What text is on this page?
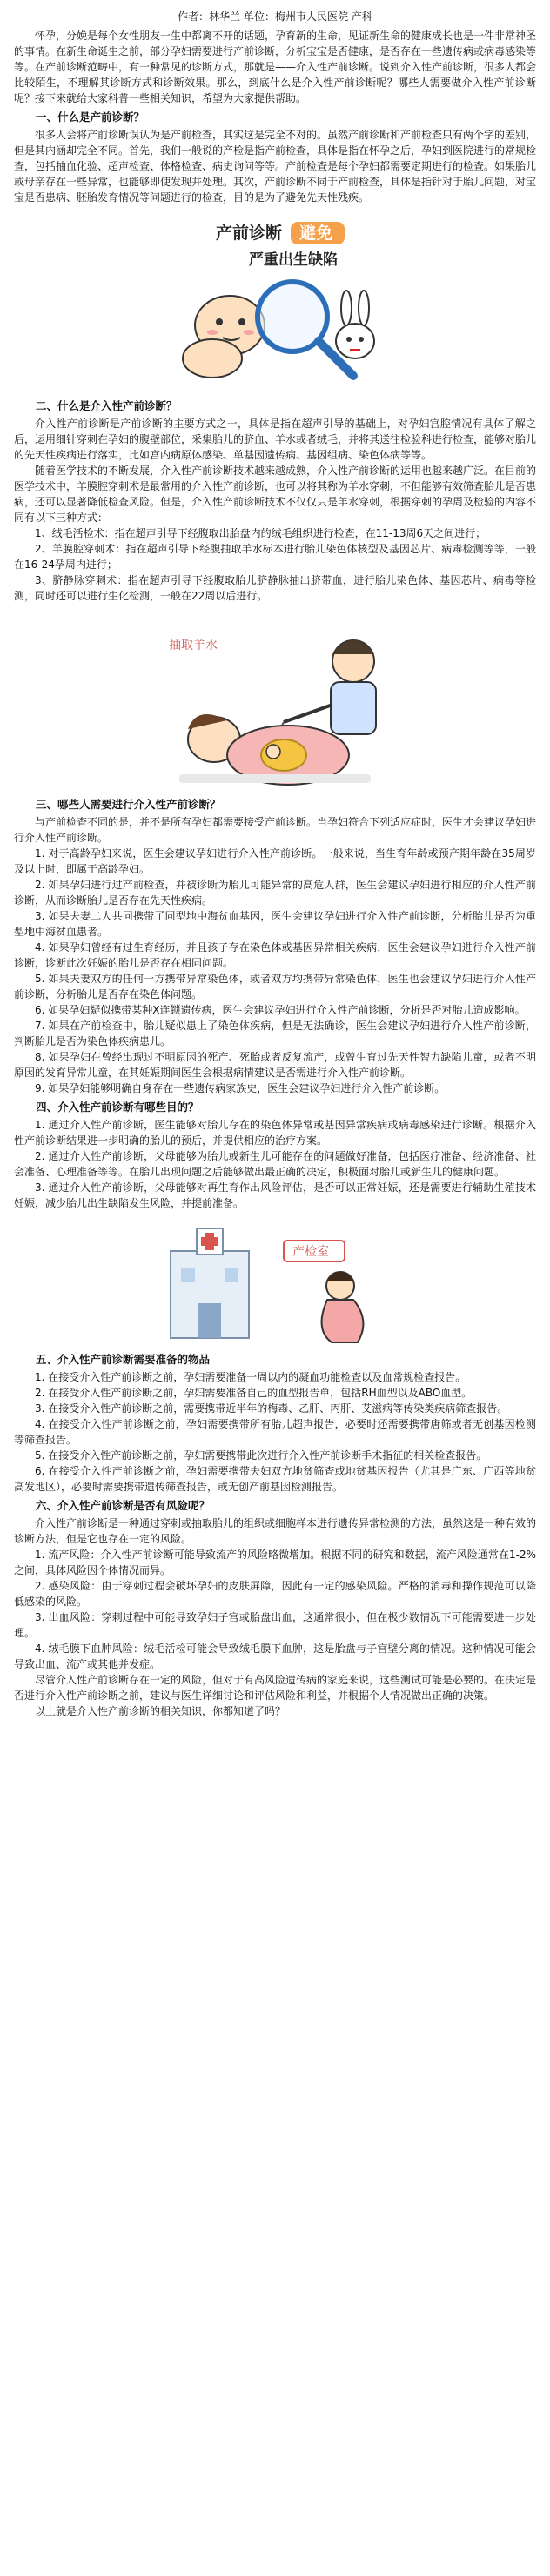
作者：林华兰 单位：梅州市人民医院 产科

怀孕，分娩是每个女性朋友一生中都离不开的话题，孕育新的生命，见证新生命的健康成长也是一件非常神圣的事情。在新生命诞生之前，部分孕妇需要进行产前诊断，分析宝宝是否健康，是否存在一些遗传病或病毒感染等等。在产前诊断范畴中，有一种常见的诊断方式，那就是——介入性产前诊断。说到介入性产前诊断，很多人都会比较陌生，不理解其诊断方式和诊断效果。那么，到底什么是介入性产前诊断呢？哪些人需要做介入性产前诊断呢？接下来就给大家科普一些相关知识，希望为大家提供帮助。

一、什么是产前诊断？

很多人会将产前诊断误认为是产前检查，其实这是完全不对的。虽然产前诊断和产前检查只有两个字的差别，但是其内涵却完全不同。首先，我们一般说的产检是指产前检查，具体是指在怀孕之后，孕妇到医院进行的常规检查，包括抽血化验、超声检查、体格检查、病史询问等等。产前检查是每个孕妇都需要定期进行的检查。如果胎儿或母亲存在一些异常，也能够即使发现并处理。其次，产前诊断不同于产前检查，具体是指针对于胎儿问题，对宝宝是否患病、胚胎发育情况等问题进行的检查，目的是为了避免先天性残疾。

产前诊断 避免
严重出生缺陷
二、什么是介入性产前诊断？

介入性产前诊断是产前诊断的主要方式之一，具体是指在超声引导的基础上，对孕妇宫腔情况有具体了解之后，运用细针穿刺在孕妇的腹壁部位，采集胎儿的脐血、羊水或者绒毛，并将其送往检验科进行检查，能够对胎儿的先天性疾病进行落实，比如宫内病原体感染、单基因遗传病、基因组病、染色体病等等。

随着医学技术的不断发展，介入性产前诊断技术越来越成熟，介入性产前诊断的运用也越来越广泛。在目前的医学技术中，羊膜腔穿刺术是最常用的介入性产前诊断，也可以将其称为羊水穿刺，不但能够有效筛查胎儿是否患病，还可以显著降低检查风险。但是，介入性产前诊断技术不仅仅只是羊水穿刺，根据穿刺的孕周及检验的内容不同有以下三种方式：

1、绒毛活检术：指在超声引导下经腹取出胎盘内的绒毛组织进行检查，在11-13周6天之间进行；

2、羊膜腔穿刺术：指在超声引导下经腹抽取羊水标本进行胎儿染色体核型及基因芯片、病毒检测等等，一般在16-24孕周内进行；

3、脐静脉穿刺术：指在超声引导下经腹取胎儿脐静脉抽出脐带血，进行胎儿染色体、基因芯片、病毒等检测，同时还可以进行生化检测，一般在22周以后进行。

抽取羊水
三、哪些人需要进行介入性产前诊断？

与产前检查不同的是，并不是所有孕妇都需要接受产前诊断。当孕妇符合下列适应症时，医生才会建议孕妇进行介入性产前诊断。

1. 对于高龄孕妇来说，医生会建议孕妇进行介入性产前诊断。一般来说，当生育年龄或预产期年龄在35周岁及以上时，即属于高龄孕妇。

2. 如果孕妇进行过产前检查，并被诊断为胎儿可能异常的高危人群，医生会建议孕妇进行相应的介入性产前诊断，从而诊断胎儿是否存在先天性疾病。

3. 如果夫妻二人共同携带了同型地中海贫血基因，医生会建议孕妇进行介入性产前诊断，分析胎儿是否为重型地中海贫血患者。

4. 如果孕妇曾经有过生育经历，并且孩子存在染色体或基因异常相关疾病，医生会建议孕妇进行介入性产前诊断，诊断此次妊娠的胎儿是否存在相同问题。

5. 如果夫妻双方的任何一方携带异常染色体，或者双方均携带异常染色体，医生也会建议孕妇进行介入性产前诊断，分析胎儿是否存在染色体问题。

6. 如果孕妇疑似携带某种X连锁遗传病，医生会建议孕妇进行介入性产前诊断，分析是否对胎儿造成影响。

7. 如果在产前检查中，胎儿疑似患上了染色体疾病，但是无法确诊，医生会建议孕妇进行介入性产前诊断，判断胎儿是否为染色体疾病患儿。

8. 如果孕妇在曾经出现过不明原因的死产、死胎或者反复流产，或曾生育过先天性智力缺陷儿童，或者不明原因的发育异常儿童，在其妊娠期间医生会根据病情建议是否需进行介入性产前诊断。

9. 如果孕妇能够明确自身存在一些遗传病家族史，医生会建议孕妇进行介入性产前诊断。

四、介入性产前诊断有哪些目的？

1. 通过介入性产前诊断，医生能够对胎儿存在的染色体异常或基因异常疾病或病毒感染进行诊断。根据介入性产前诊断结果进一步明确的胎儿的预后，并提供相应的治疗方案。

2. 通过介入性产前诊断，父母能够为胎儿或新生儿可能存在的问题做好准备，包括医疗准备、经济准备、社会准备、心理准备等等。在胎儿出现问题之后能够做出最正确的决定，积极面对胎儿或新生儿的健康问题。

3. 通过介入性产前诊断，父母能够对再生育作出风险评估，是否可以正常妊娠，还是需要进行辅助生殖技术妊娠，减少胎儿出生缺陷发生风险，并提前准备。

产检室
五、介入性产前诊断需要准备的物品

1. 在接受介入性产前诊断之前，孕妇需要准备一周以内的凝血功能检查以及血常规检查报告。

2. 在接受介入性产前诊断之前，孕妇需要准备自己的血型报告单，包括RH血型以及ABO血型。

3. 在接受介入性产前诊断之前，需要携带近半年的梅毒、乙肝、丙肝、艾滋病等传染类疾病筛查报告。

4. 在接受介入性产前诊断之前，孕妇需要携带所有胎儿超声报告，必要时还需要携带唐筛或者无创基因检测等筛查报告。

5. 在接受介入性产前诊断之前，孕妇需要携带此次进行介入性产前诊断手术指征的相关检查报告。

6. 在接受介入性产前诊断之前，孕妇需要携带夫妇双方地贫筛查或地贫基因报告（尤其是广东、广西等地贫高发地区），必要时需要携带遗传筛查报告，或无创产前基因检测报告。

六、介入性产前诊断是否有风险呢？

介入性产前诊断是一种通过穿刺或抽取胎儿的组织或细胞样本进行遗传异常检测的方法，虽然这是一种有效的诊断方法，但是它也存在一定的风险。

1. 流产风险：介入性产前诊断可能导致流产的风险略微增加。根据不同的研究和数据，流产风险通常在1-2%之间，具体风险因个体情况而异。

2. 感染风险：由于穿刺过程会破坏孕妇的皮肤屏障，因此有一定的感染风险。严格的消毒和操作规范可以降低感染的风险。

3. 出血风险：穿刺过程中可能导致孕妇子宫或胎盘出血，这通常很小，但在极少数情况下可能需要进一步处理。

4. 绒毛膜下血肿风险：绒毛活检可能会导致绒毛膜下血肿，这是胎盘与子宫壁分离的情况。这种情况可能会导致出血、流产或其他并发症。

尽管介入性产前诊断存在一定的风险，但对于有高风险遗传病的家庭来说，这些测试可能是必要的。在决定是否进行介入性产前诊断之前，建议与医生详细讨论和评估风险和利益，并根据个人情况做出正确的决策。

以上就是介入性产前诊断的相关知识，你都知道了吗？
